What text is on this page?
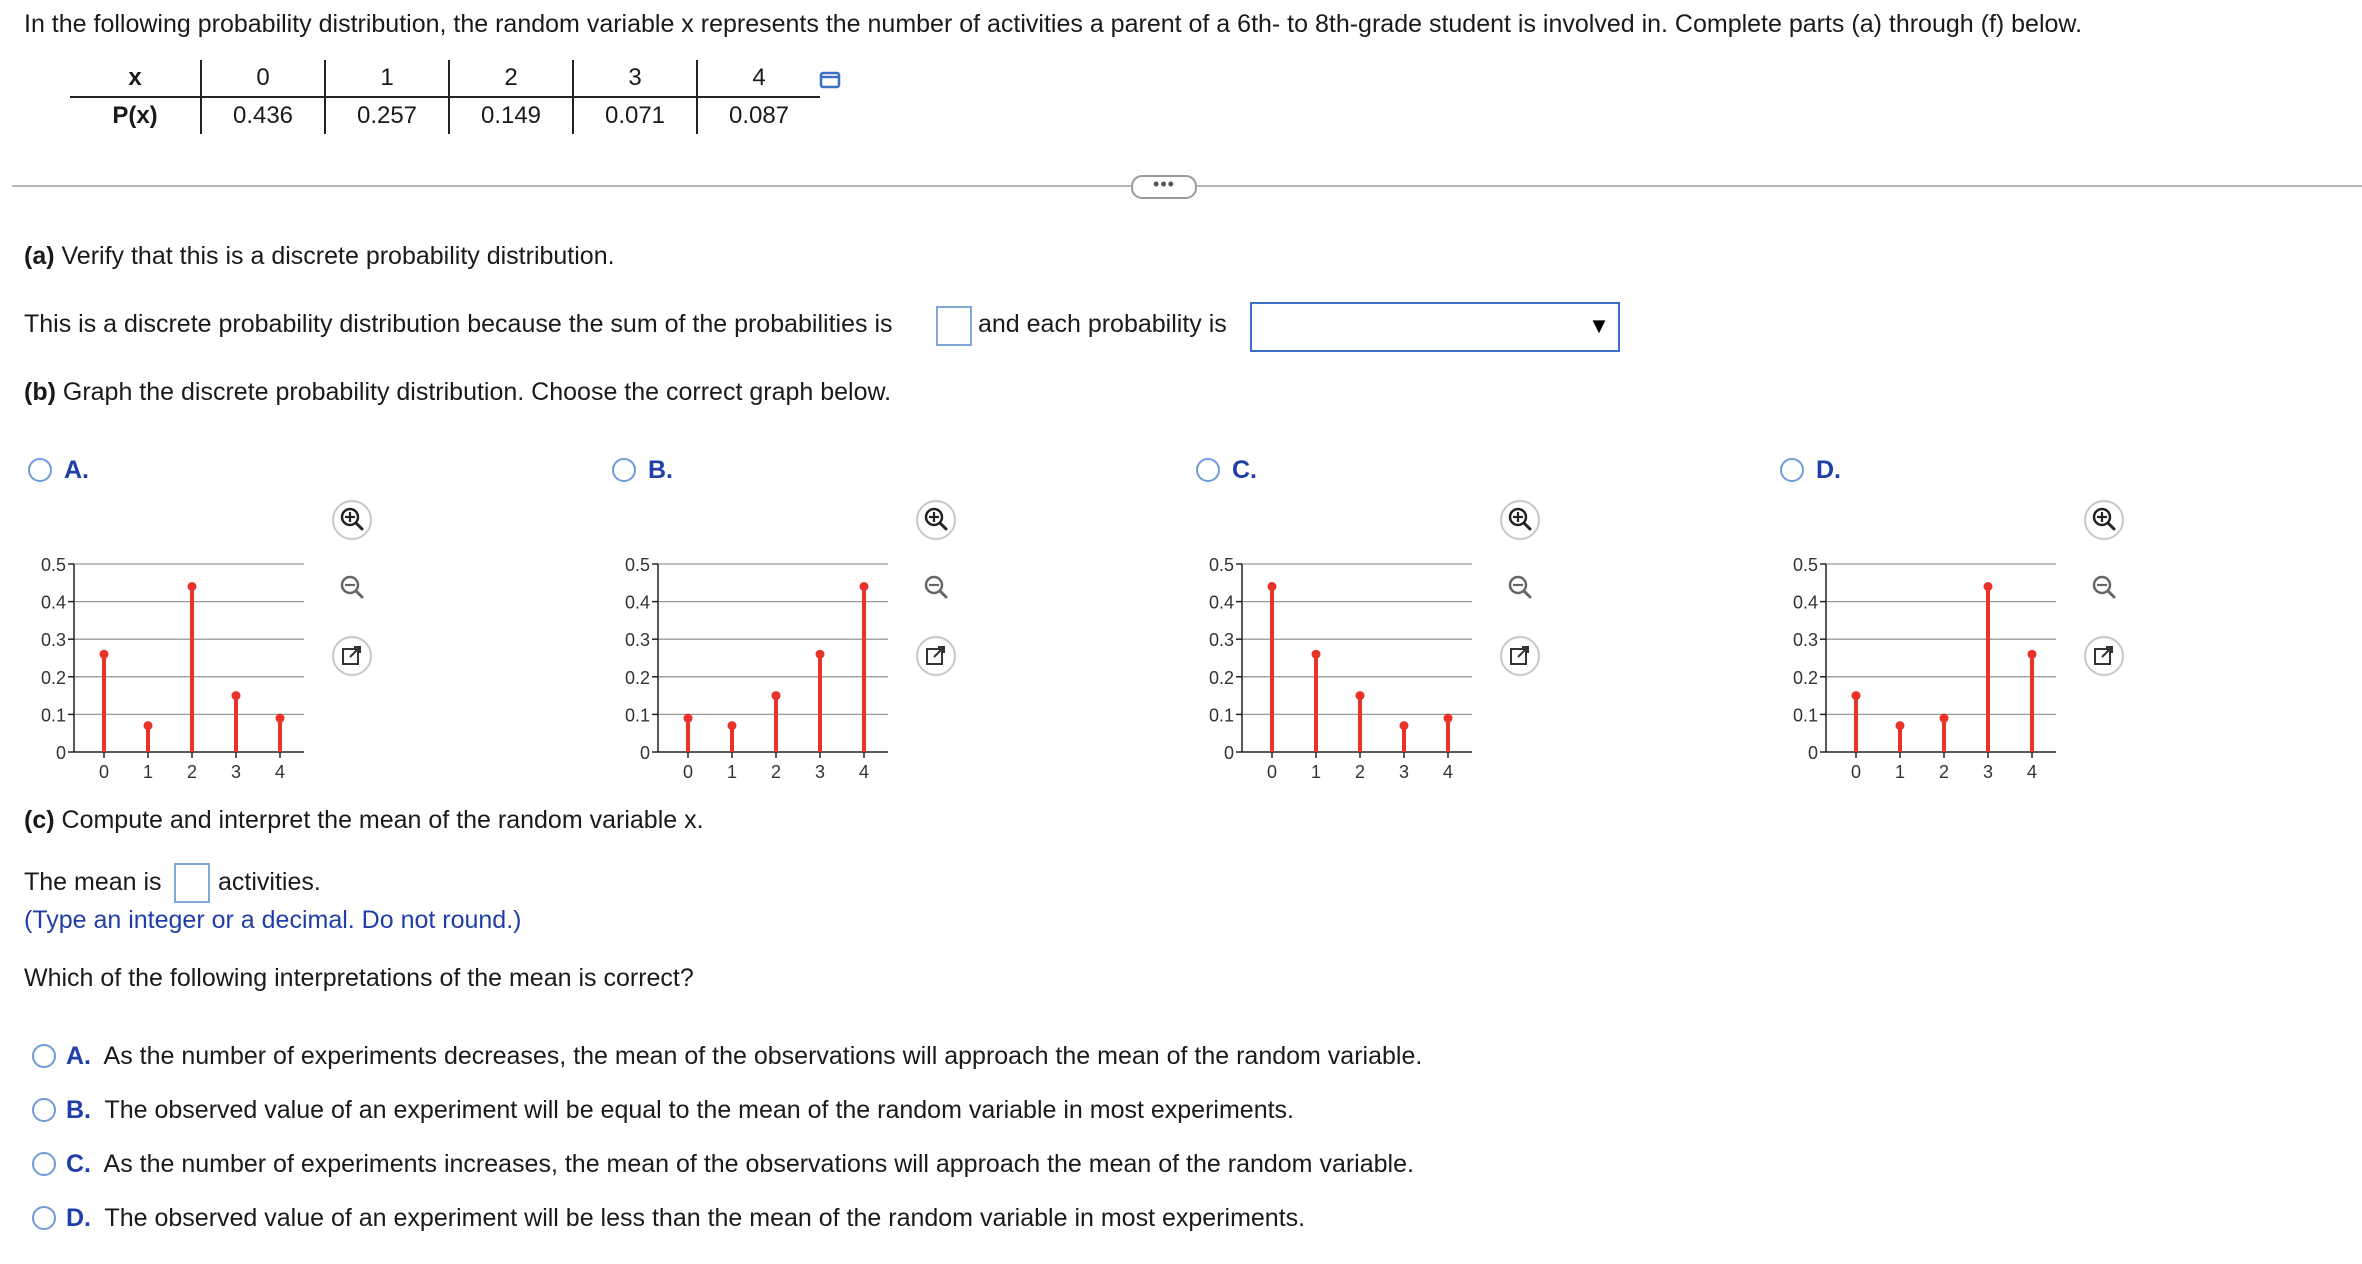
In the following probability distribution, the random variable x represents the number of activities a parent of a 6th- to 8th-grade student is involved in. Complete parts (a) through (f) below.
x	0	1	2	3	4
P(x)	0.436	0.257	0.149	0.071	0.087
•••
(a) Verify that this is a discrete probability distribution.
This is a discrete probability distribution because the sum of the probabilities is	and each probability is	▼
(b) Graph the discrete probability distribution. Choose the correct graph below.
A.
0
0.1
0.2
0.3
0.4
0.5
0 1 2 3 4
B.
0
0.1
0.2
0.3
0.4
0.5
0 1 2 3 4
C.
0
0.1
0.2
0.3
0.4
0.5
0 1 2 3 4
D.
0
0.1
0.2
0.3
0.4
0.5
0 1 2 3 4
(c) Compute and interpret the mean of the random variable x.
The mean is activities.
(Type an integer or a decimal. Do not round.)
Which of the following interpretations of the mean is correct?
A. As the number of experiments decreases, the mean of the observations will approach the mean of the random variable.
B. The observed value of an experiment will be equal to the mean of the random variable in most experiments.
C. As the number of experiments increases, the mean of the observations will approach the mean of the random variable.
D. The observed value of an experiment will be less than the mean of the random variable in most experiments.
